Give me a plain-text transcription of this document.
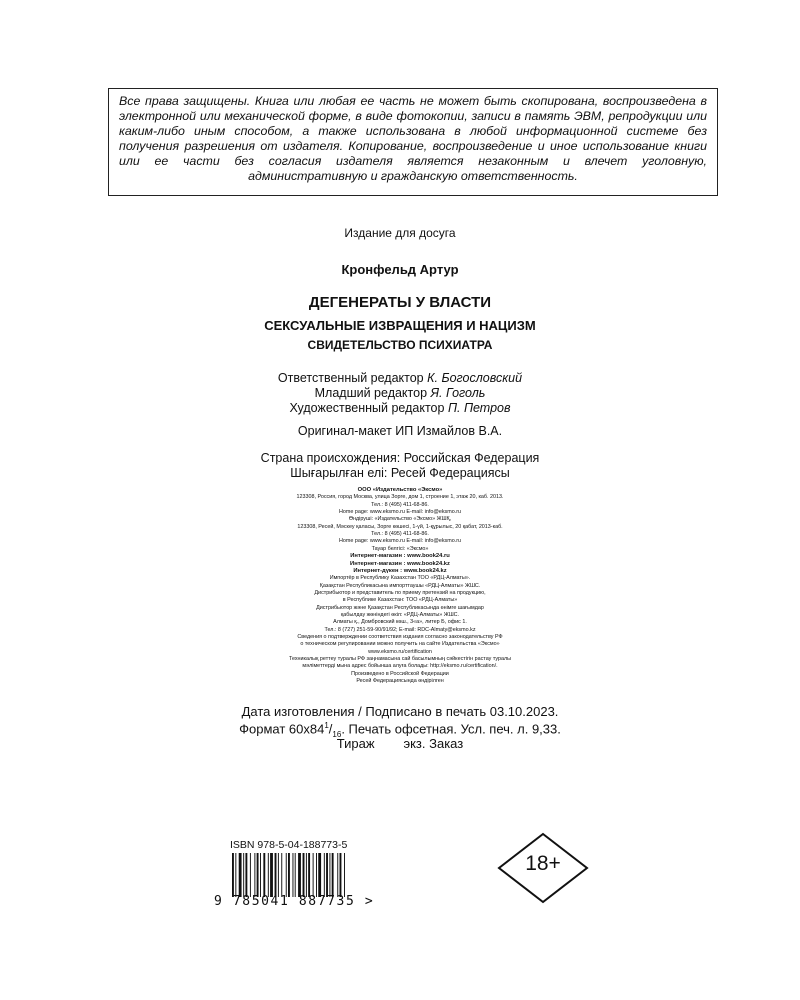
Все права защищены. Книга или любая ее часть не может быть скопирована, воспроизведена в электронной или механической форме, в виде фотокопии, записи в память ЭВМ, репродукции или каким-либо иным способом, а также использована в любой информационной системе без получения разрешения от издателя. Копирование, воспроизведение и иное использование книги или ее части без согласия издателя является незаконным и влечет уголовную, административную и гражданскую ответственность.
Издание для досуга
Кронфельд Артур
ДЕГЕНЕРАТЫ У ВЛАСТИ
СЕКСУАЛЬНЫЕ ИЗВРАЩЕНИЯ И НАЦИЗМ
СВИДЕТЕЛЬСТВО ПСИХИАТРА
Ответственный редактор К. Богословский
Младший редактор Я. Гоголь
Художественный редактор П. Петров
Оригинал-макет ИП Измайлов В.А.
Страна происхождения: Российская Федерация
Шығарылған елі: Ресей Федерациясы
ООО «Издательство «Эксмо»
123308, Россия, город Москва, улица Зорге, дом 1, строение 1, этаж 20, каб. 2013.
Тел.: 8 (495) 411-68-86.
Home page: www.eksmo.ru E-mail: info@eksmo.ru
Өндіруші: «Издательство «Эксмо» ЖШҚ,
123308, Ресей, Мәскеу қаласы, Зорге көшесі, 1-үй, 1-құрылыс, 20 қабат, 2013-каб.
Тел.: 8 (495) 411-68-86.
Home page: www.eksmo.ru E-mail: info@eksmo.ru
Тауар белгісі: «Эксмо»
Интернет-магазин : www.book24.ru
Интернет-магазин : www.book24.kz
Интернет-дүкен : www.book24.kz
Импортёр в Республику Казахстан ТОО «РДЦ-Алматы».
Қазақстан Республикасына импорттаушы «РДЦ-Алматы» ЖШС.
Дистрибьютор и представитель по приему претензий на продукцию,
в Республике Казахстан: ТОО «РДЦ-Алматы»
Дистрибьютор және Қазақстан Республикасында өнімге шағымдар
қабылдау жөніндегі өкіл: «РДЦ-Алматы» ЖШС.
Алматы қ., Домбровский көш., 3«а», литер Б, офис 1.
Тел.: 8 (727) 251-59-90/91/92; E-mail: RDC-Almaty@eksmo.kz
Сведения о подтверждении соответствия издания согласно законодательству РФ
о техническом регулировании можно получить на сайте Издательства «Эксмо»
www.eksmo.ru/certification
Техникалық реттеу туралы РФ заңнамасына сай басылымның сәйкестігін растау туралы
мәліметтерді мына адрес бойынша алуға болады: http://eksmo.ru/certification/.
Произведено в Российской Федерации
Ресей Федерациясында өндірілген
Дата изготовления / Подписано в печать 03.10.2023.
Формат $60x84^1/_{16}$. Печать офсетная. Усл. печ. л. 9,33.
Тираж        экз. Заказ
ISBN 978-5-04-188773-5
9 785041 887735 >
18+
